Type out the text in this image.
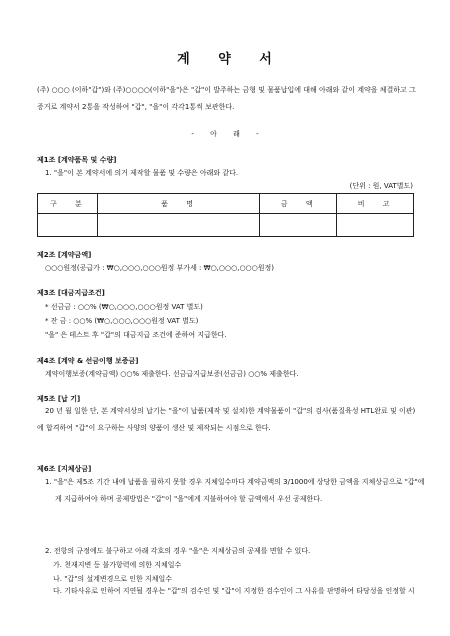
계 약 서
(주) ○○○ (이하"갑")와 (주)○○○○(이하"을")은 "갑"이 발주하는 금형 및 물품납입에 대해 아래와 같이 계약을 체결하고 그 증거로 계약서 2통을 작성하여 "갑", "을"이 각각1통씩 보관한다.
- 아 래 -
제1조 [계약품목 및 수량]
1. "을"이 본 계약서에 의거 제작할 물품 및 수량은 아래와 같다.
(단위 : 원, VAT별도)
구 분	품 명	금 액	비 고

제2조 [계약금액]
○○○원정(공급가 : ₩○,○○○,○○○원정 부가세 : ₩○,○○○,○○○원정)
제3조 [대금지급조건]
* 선금금 : ○○% (₩○,○○○,○○○원정 VAT 별도)
* 잔 금 : ○○% (₩○,○○○,○○○원정 VAT 별도)
"을" 은 테스트 후 "갑"의 대금지급 조건에 준하여 지급한다.
제4조 [계약 & 선금이행 보증금]
계약이행보증(계약금액) ○○% 제출한다. 선금급지급보증(선금금) ○○% 제출한다.
제5조 [납 기]
20 년 월 일한 단, 본 계약서상의 납기는 "을"이 납품(제작 및 설치)한 계약물품이 "갑"의 검사(품질육성 HTL완료 및 이관)에 합격하여 "갑"이 요구하는 사양의 양품이 생산 및 제작되는 시점으로 한다.
제6조 [지체상금]
1. "을"은 제5조 기간 내에 납품을 필하지 못할 경우 지체일수마다 계약금액의 3/1000에 상당한 금액을 지체상금으로 "갑"에게 지급하여야 하며 공제방법은 "갑"이 "을"에게 지불하여야 할 금액에서 우선 공제한다.
2. 전항의 규정에도 불구하고 아래 각호의 경우 "을"은 지체상금의 공제를 면할 수 있다.
가. 천재지변 등 불가항력에 의한 지체일수
나. "갑"의 설계변경으로 인한 지체일수
다. 기타사유로 인하여 지연될 경우는 "갑"의 검수인 및 "갑"이 지정한 검수인이 그 사유를 판명하여 타당성을 인정할 시
